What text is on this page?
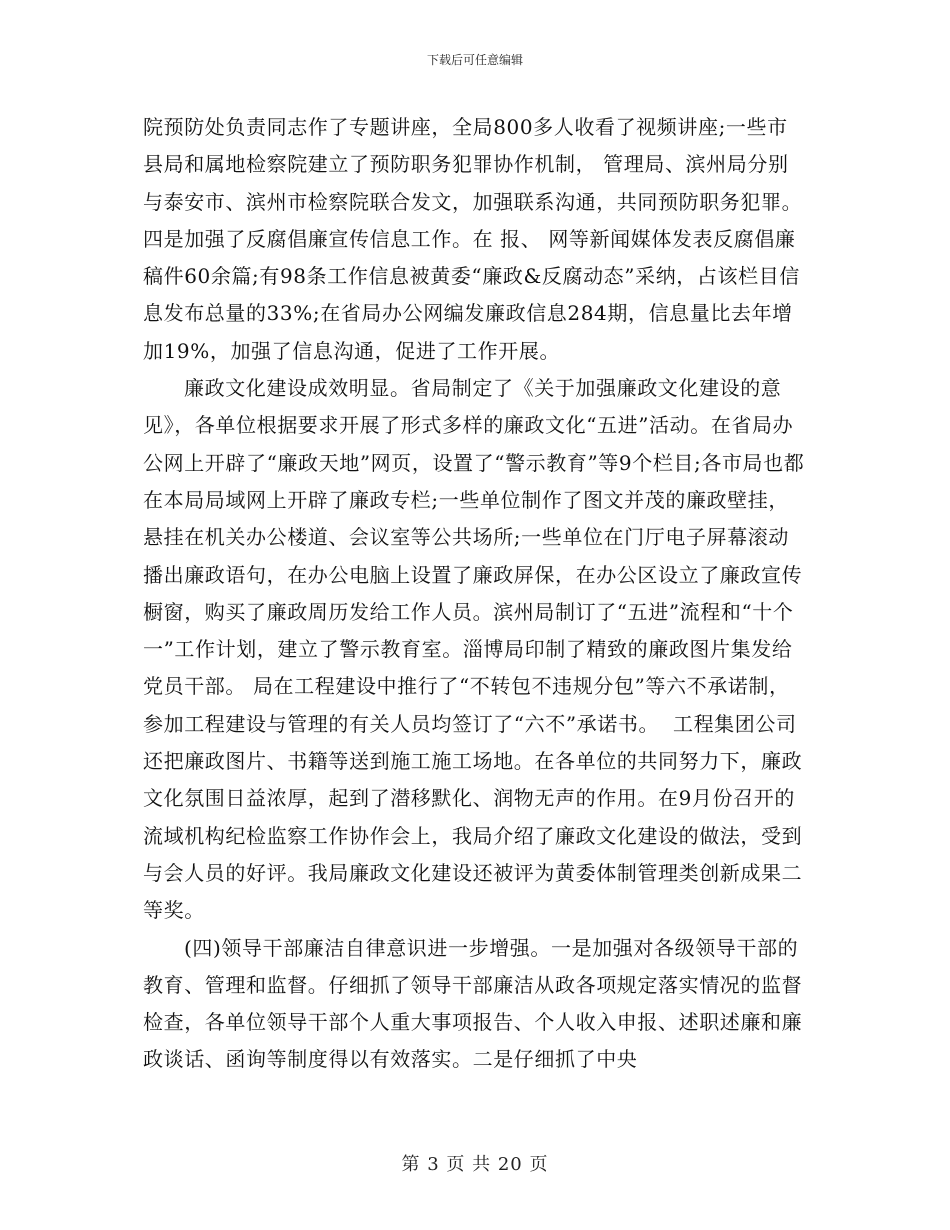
下载后可任意编辑

院预防处负责同志作了专题讲座，全局800多人收看了视频讲座;一些市县局和属地检察院建立了预防职务犯罪协作机制， 管理局、滨州局分别与泰安市、滨州市检察院联合发文，加强联系沟通，共同预防职务犯罪。四是加强了反腐倡廉宣传信息工作。在 报、 网等新闻媒体发表反腐倡廉稿件60余篇;有98条工作信息被黄委“廉政&反腐动态”采纳，占该栏目信息发布总量的33%;在省局办公网编发廉政信息284期，信息量比去年增加19%，加强了信息沟通，促进了工作开展。

廉政文化建设成效明显。省局制定了《关于加强廉政文化建设的意见》，各单位根据要求开展了形式多样的廉政文化“五进”活动。在省局办公网上开辟了“廉政天地”网页，设置了“警示教育”等9个栏目;各市局也都在本局局域网上开辟了廉政专栏;一些单位制作了图文并茂的廉政壁挂，悬挂在机关办公楼道、会议室等公共场所;一些单位在门厅电子屏幕滚动播出廉政语句，在办公电脑上设置了廉政屏保，在办公区设立了廉政宣传橱窗，购买了廉政周历发给工作人员。滨州局制订了“五进”流程和“十个一”工作计划，建立了警示教育室。淄博局印制了精致的廉政图片集发给党员干部。 局在工程建设中推行了“不转包不违规分包”等六不承诺制，参加工程建设与管理的有关人员均签订了“六不”承诺书。  工程集团公司还把廉政图片、书籍等送到施工施工场地。在各单位的共同努力下，廉政文化氛围日益浓厚，起到了潜移默化、润物无声的作用。在9月份召开的流域机构纪检监察工作协作会上，我局介绍了廉政文化建设的做法，受到与会人员的好评。我局廉政文化建设还被评为黄委体制管理类创新成果二等奖。

(四)领导干部廉洁自律意识进一步增强。一是加强对各级领导干部的教育、管理和监督。仔细抓了领导干部廉洁从政各项规定落实情况的监督检查，各单位领导干部个人重大事项报告、个人收入申报、述职述廉和廉政谈话、函询等制度得以有效落实。二是仔细抓了中央

第 3 页 共 20 页
